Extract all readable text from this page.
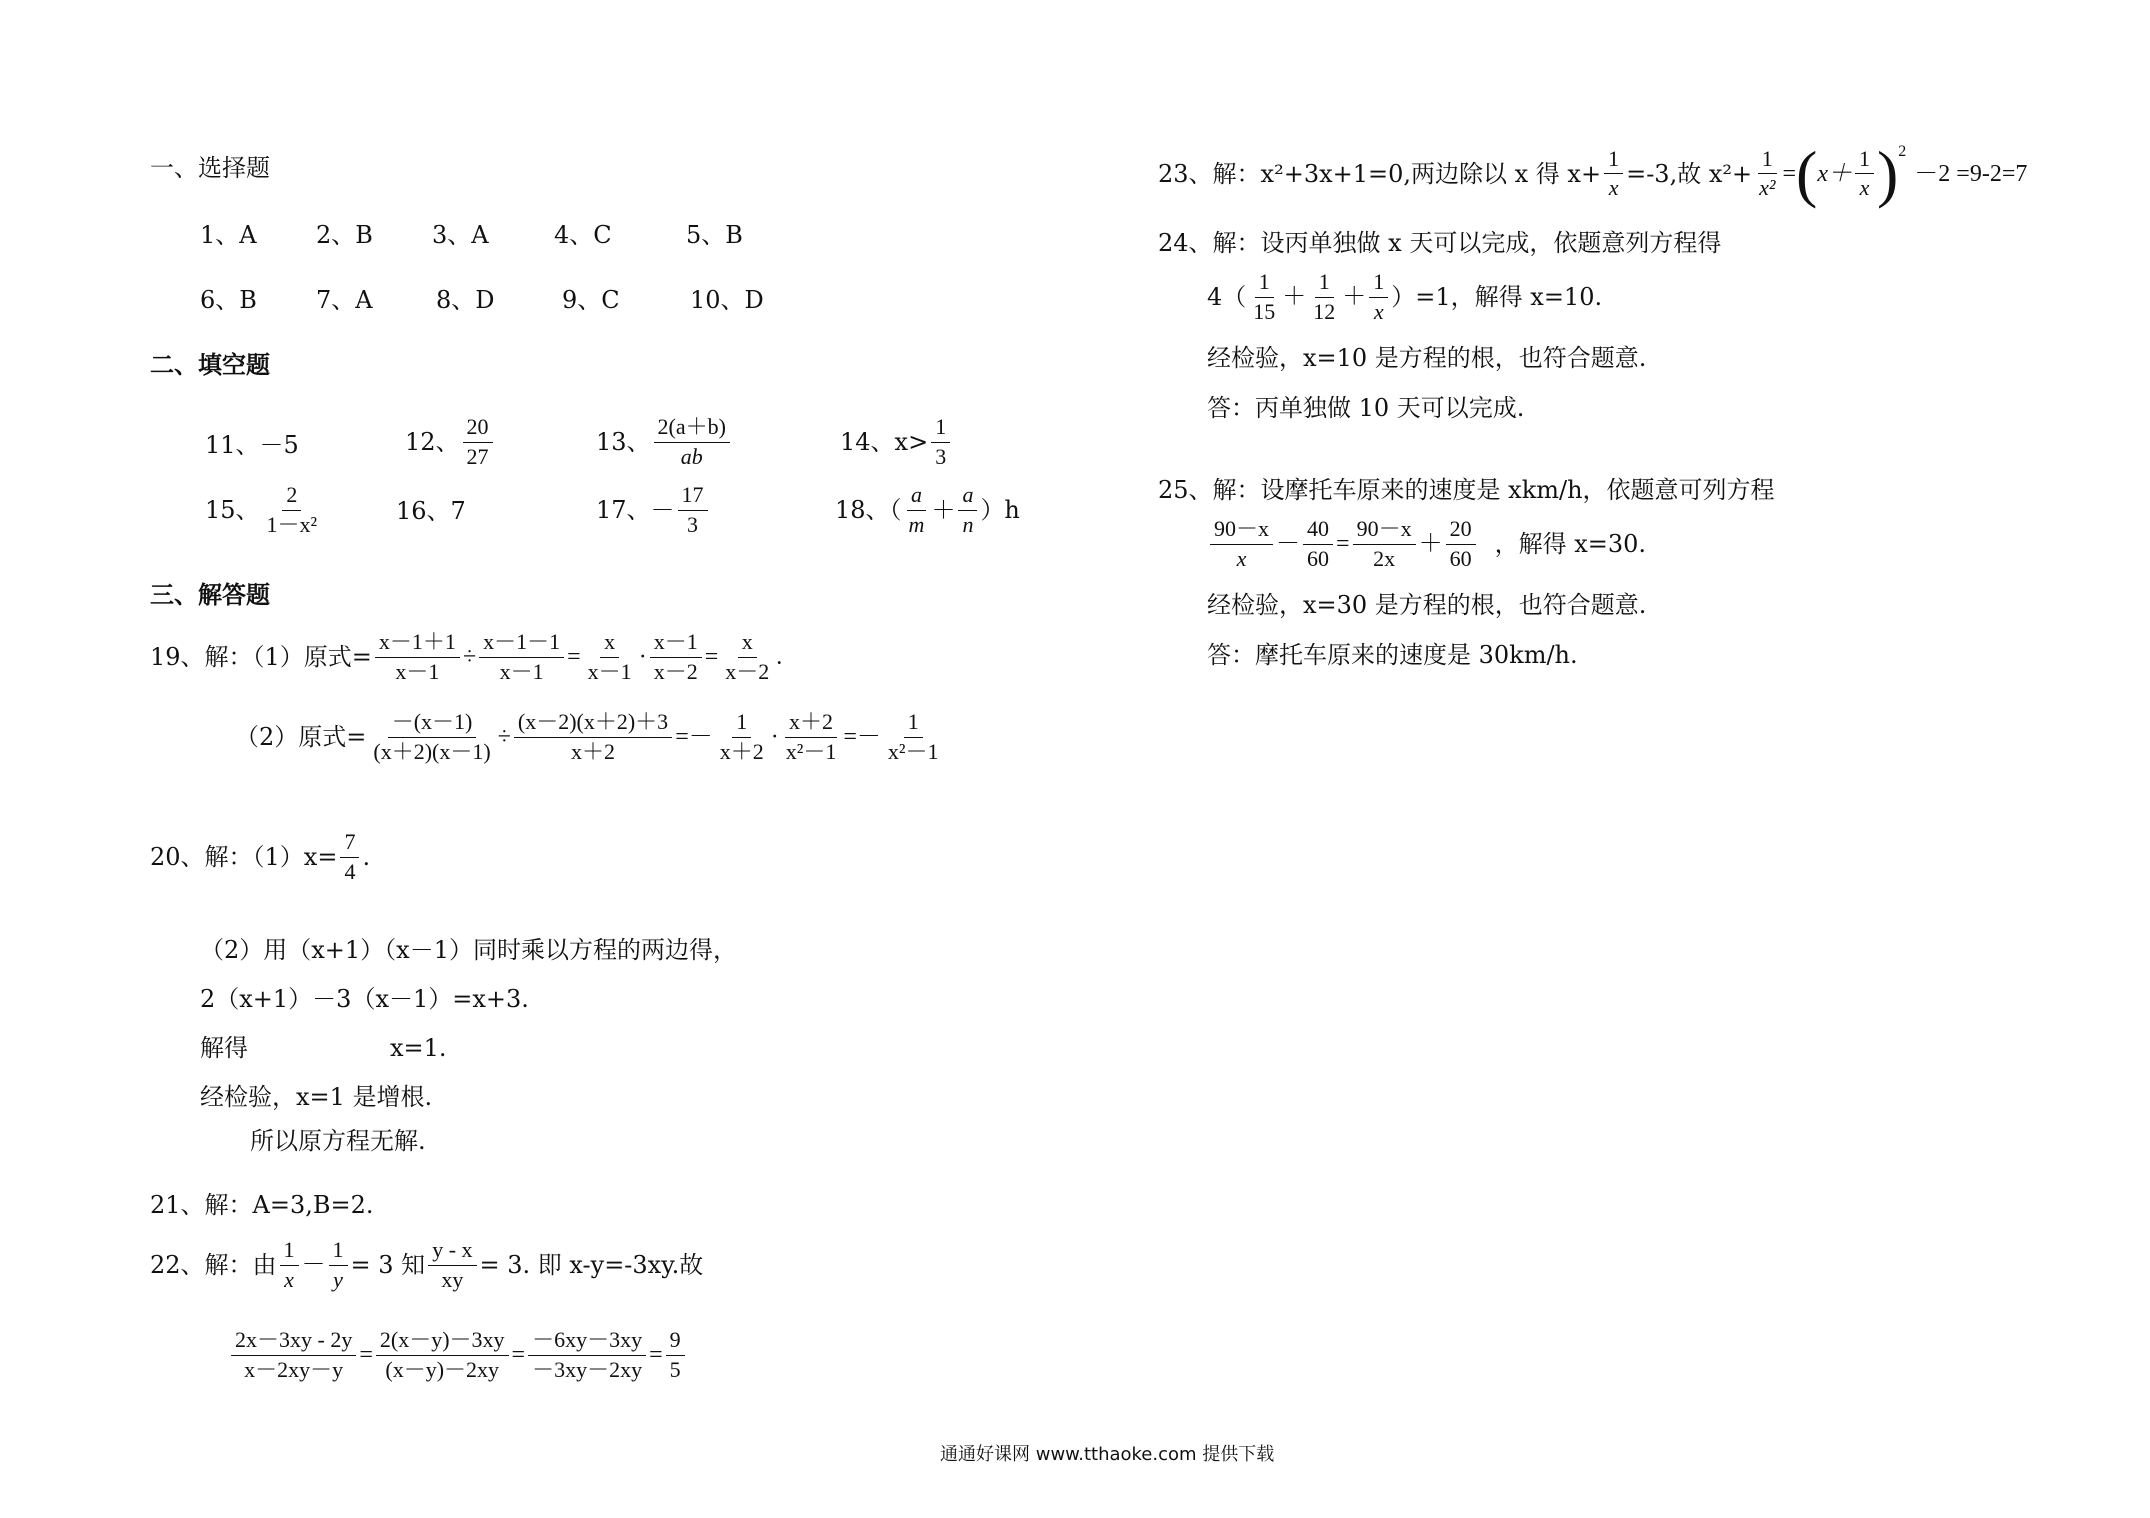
一、选择题
1、A 2、B 3、A	4、C	5、B
6、B 7、A	8、D	9、C	10、D
二、填空题
11、－5	12、 $\frac{20}{27}$	13、 $\frac{2(a+b)}{ab}$	14、$x> \frac{1}{3}$
15、 $\frac{2}{\text{1－x²}}$	16、7	17、－ $\frac{17}{3}$	18、（ $\frac{a}{m} + \frac{a}{n} )h$
三、解答题
19、解：（1）原式= $\frac{x-1+1}{x-1} \div \frac{x-1-1}{x-1} = \frac{x}{x-1} \cdot \frac{x-1}{x-2} = \frac{x}{x-2}$ .
（2）原式= $\frac{-(x-1)}{(x+2)(x-1)} \div \frac{(x-2)(x+2)+3}{x+2} =- \frac{1}{x+2} \cdot \frac{x+2}{\text{x²－1}} =- \frac{1}{\text{x²－1}}$
20、解：$(1)x= \frac{7}{4}$ .
（2）用（x+1）（x－1）同时乘以方程的两边得，
2（x+1）－3（x－1）=x+3.
解得	x=1.
经检验，x=1 是增根.
所以原方程无解.
21、解：A=3,B=2.
22、解：由 $\frac{1}{x} - \frac{1}{y} = 3$ 知 $\frac{y - x}{xy} = 3$. 即 x-y=-3xy.故
$\frac{2x-3xy - 2y}{x-2xy-y} = \frac{2(x-y)-3xy}{(x-y)-2xy} = \frac{-6xy-3xy}{-3xy-2xy} = \frac{9}{5}$
23、解： x²+3x+1=0,两边除以 x 得 $x+ \frac{1}{x} =-3$,故 $x^2+ \frac{1}{\text{x²}}$ = ( $x+ \frac{1}{x} )^2$
－2 =9-2=7
24、解：设丙单独做 x 天可以完成，依题意列方程得
$4( \frac{1}{15} + \frac{1}{12} + \frac{1}{x} )=1$，解得 x=10.
经检验，x=10 是方程的根，也符合题意.
答：丙单独做 10 天可以完成.
25、解：设摩托车原来的速度是 xkm/h，依题意可列方程
$\frac{90-x}{x} - \frac{40}{60} = \frac{90-x}{2x} + \frac{20}{60}$ ，解得 x=30.
经检验，x=30 是方程的根，也符合题意.
答：摩托车原来的速度是 30km/h.
通通好课网 www.tthaoke.com 提供下载
